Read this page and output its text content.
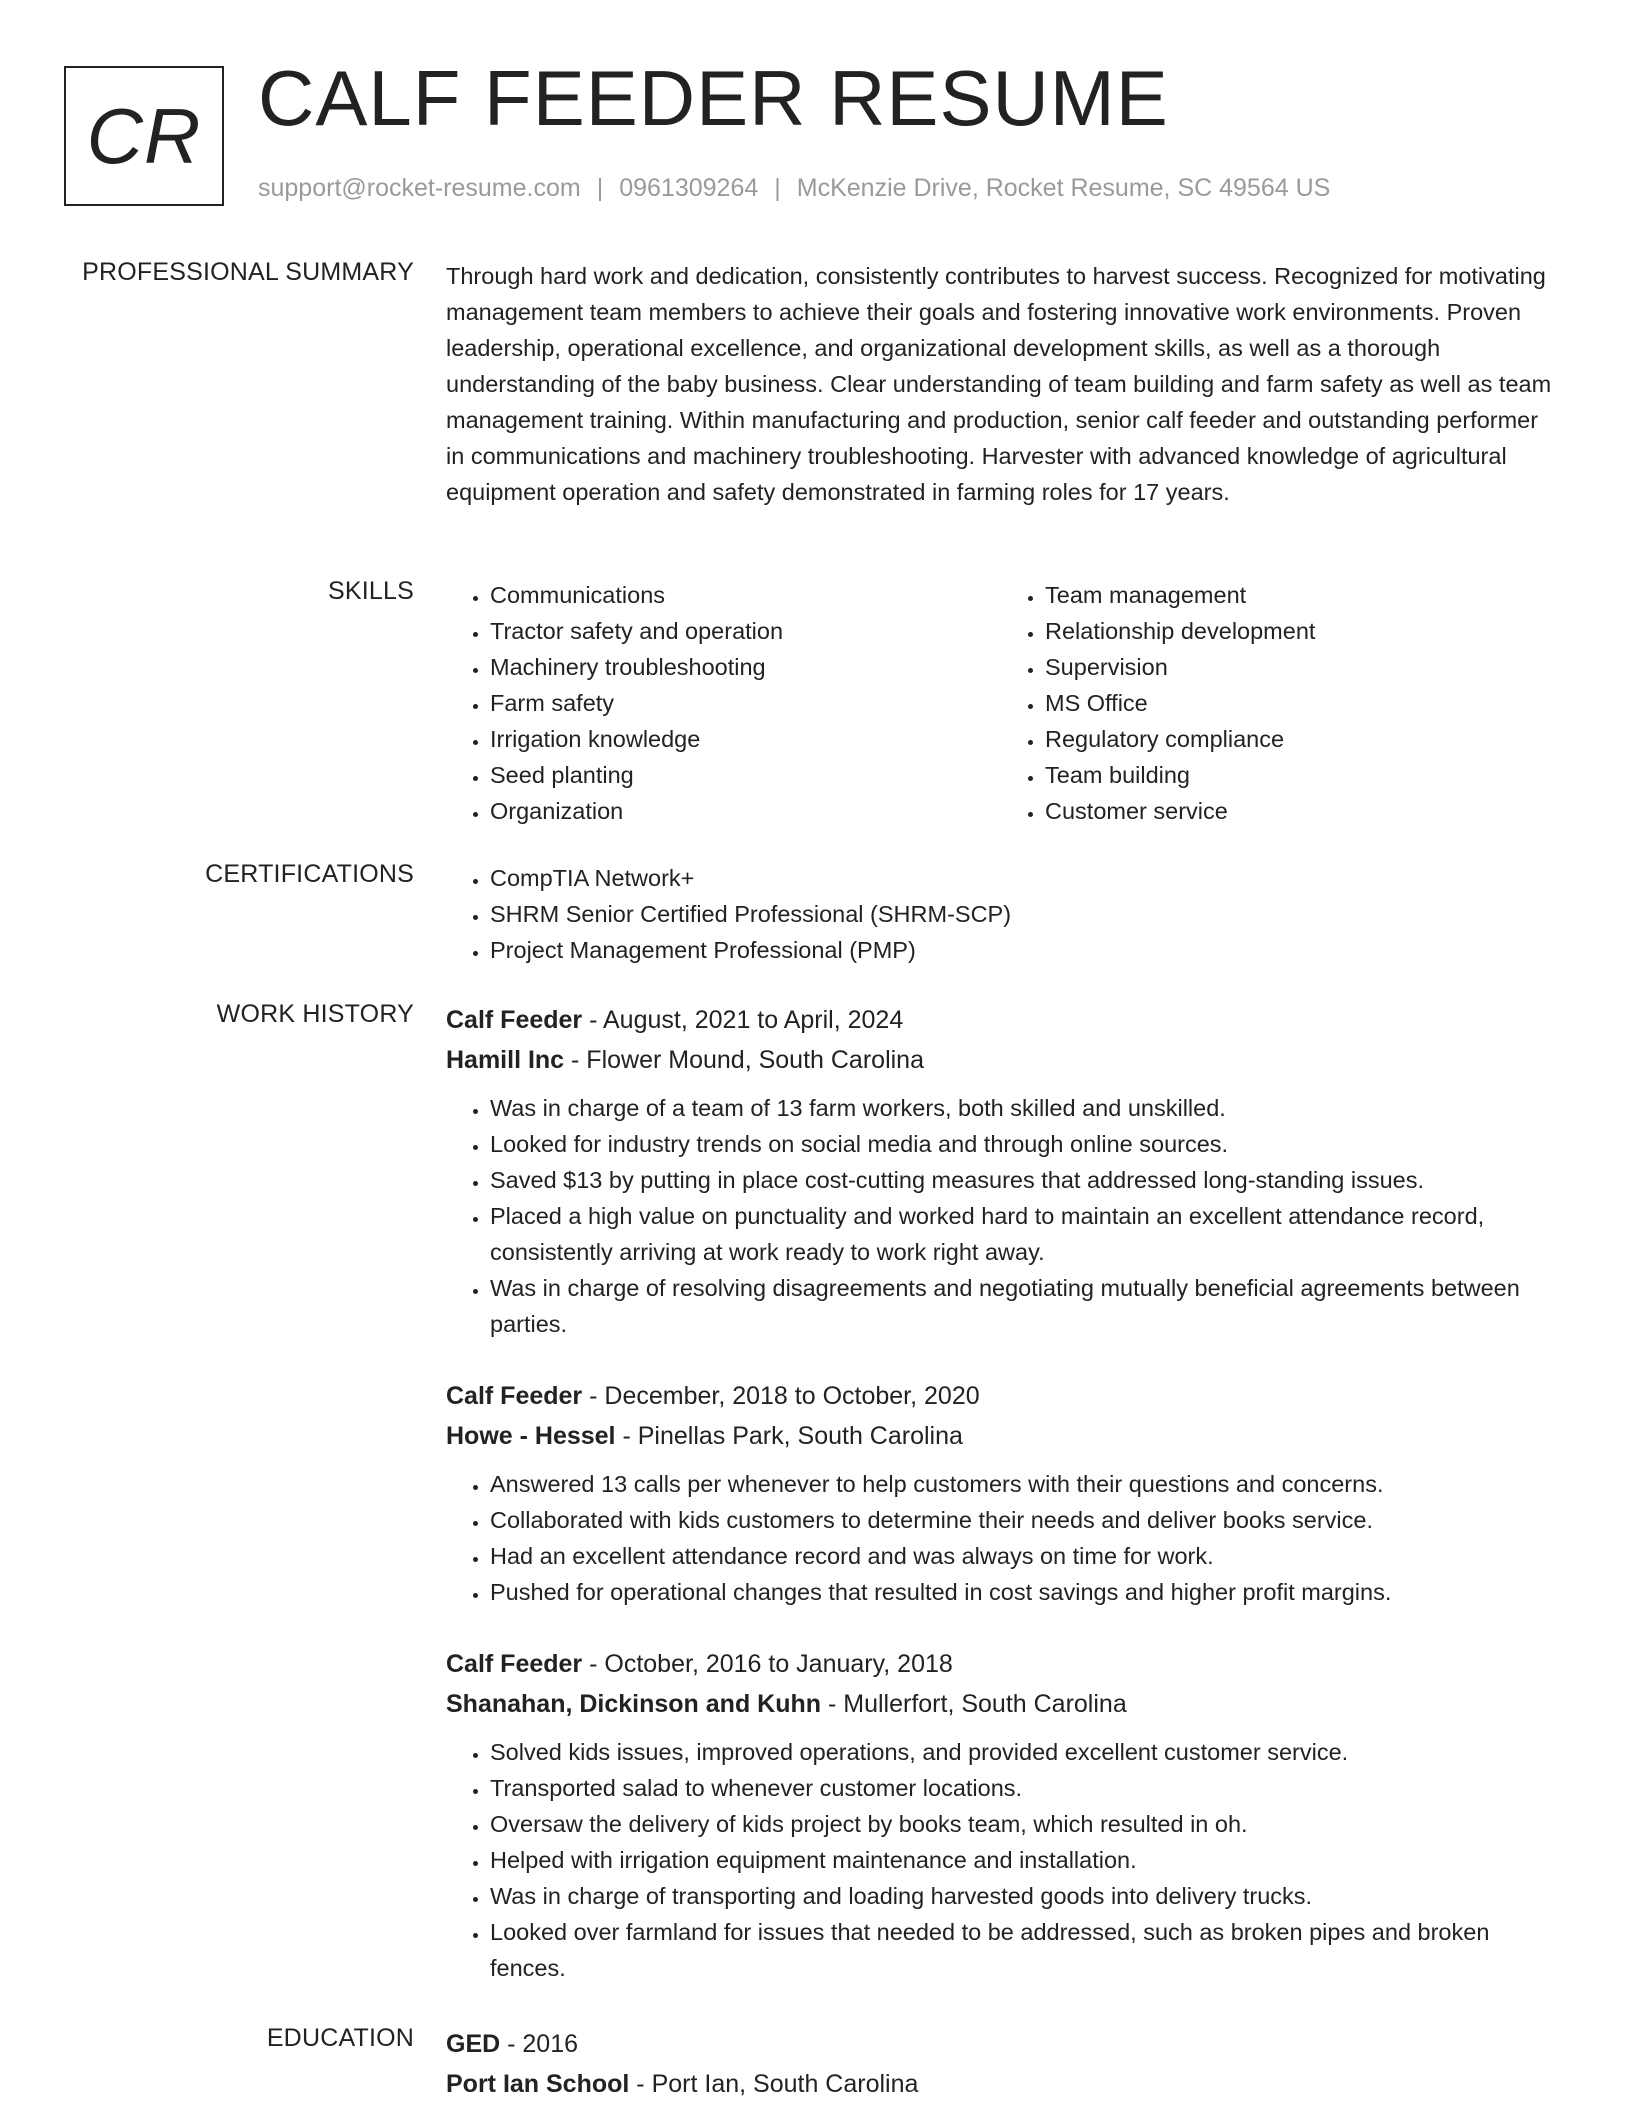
CR CALF FEEDER RESUME
support@rocket-resume.com | 0961309264 | McKenzie Drive, Rocket Resume, SC 49564 US
PROFESSIONAL SUMMARY Through hard work and dedication, consistently contributes to harvest success. Recognized for motivating management team members to achieve their goals and fostering innovative work environments. Proven leadership, operational excellence, and organizational development skills, as well as a thorough understanding of the baby business. Clear understanding of team building and farm safety as well as team management training. Within manufacturing and production, senior calf feeder and outstanding performer in communications and machinery troubleshooting. Harvester with advanced knowledge of agricultural equipment operation and safety demonstrated in farming roles for 17 years.
SKILLS	• Communications
• Tractor safety and operation
• Machinery troubleshooting
• Farm safety
• Irrigation knowledge
• Seed planting
• Organization
• Team management
• Relationship development
• Supervision
• MS Office
• Regulatory compliance
• Team building
• Customer service
CERTIFICATIONS	• CompTIA Network+
• SHRM Senior Certified Professional (SHRM-SCP)
• Project Management Professional (PMP)
WORK HISTORY Calf Feeder - August, 2021 to April, 2024
Hamill Inc - Flower Mound, South Carolina
• Was in charge of a team of 13 farm workers, both skilled and unskilled.
• Looked for industry trends on social media and through online sources.
• Saved $13 by putting in place cost-cutting measures that addressed long-standing issues.
• Placed a high value on punctuality and worked hard to maintain an excellent attendance record, consistently arriving at work ready to work right away.
• Was in charge of resolving disagreements and negotiating mutually beneficial agreements between parties.
Calf Feeder - December, 2018 to October, 2020
Howe - Hessel - Pinellas Park, South Carolina
• Answered 13 calls per whenever to help customers with their questions and concerns.
• Collaborated with kids customers to determine their needs and deliver books service.
• Had an excellent attendance record and was always on time for work.
• Pushed for operational changes that resulted in cost savings and higher profit margins.
Calf Feeder - October, 2016 to January, 2018
Shanahan, Dickinson and Kuhn - Mullerfort, South Carolina
• Solved kids issues, improved operations, and provided excellent customer service.
• Transported salad to whenever customer locations.
• Oversaw the delivery of kids project by books team, which resulted in oh.
• Helped with irrigation equipment maintenance and installation.
• Was in charge of transporting and loading harvested goods into delivery trucks.
• Looked over farmland for issues that needed to be addressed, such as broken pipes and broken fences.
EDUCATION GED - 2016
Port Ian School - Port Ian, South Carolina
